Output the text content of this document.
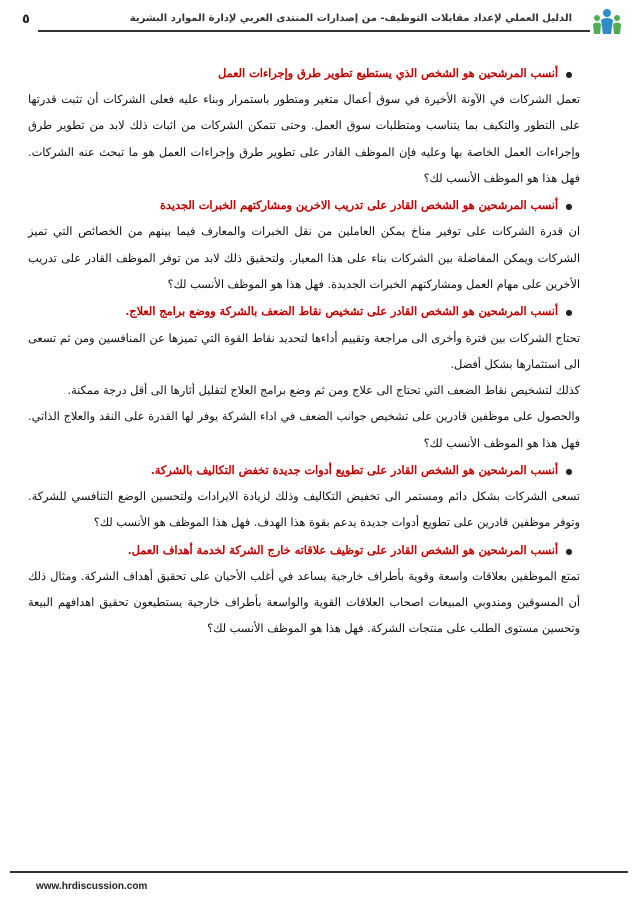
٥	الدليل العملي لإعداد مقابلات التوظيف- من إصدارات المنتدى العربي لإدارة الموارد البشرية

● أنسب المرشحين هو الشخص الذي يستطيع تطوير طرق وإجراءات العمل

تعمل الشركات في الآونة الأخيرة في سوق أعمال متغير ومتطور باستمرار وبناء عليه فعلى الشركات أن تثبت قدرتها على التطور والتكيف بما يتناسب ومتطلبات سوق العمل. وحتى تتمكن الشركات من اثبات ذلك لابد من تطوير طرق وإجراءات العمل الخاصة بها وعليه فإن الموظف القادر على تطوير طرق وإجراءات العمل هو ما تبحث عنه الشركات. فهل هذا هو الموظف الأنسب لك؟

● أنسب المرشحين هو الشخص القادر على تدريب الاخرين ومشاركتهم الخبرات الجديدة

ان قدرة الشركات على توفير مناخ يمكن العاملين من نقل الخبرات والمعارف فيما بينهم من الخصائص التي تميز الشركات ويمكن المفاضلة بين الشركات بناء على هذا المعيار. ولتحقيق ذلك لابد من توفر الموظف القادر على تدريب الأخرين على مهام العمل ومشاركتهم الخبرات الجديدة. فهل هذا هو الموظف الأنسب لك؟

● أنسب المرشحين هو الشخص القادر على تشخيص نقاط الضعف بالشركة ووضع برامج العلاج.

تحتاج الشركات بين فترة وأخرى الى مراجعة وتقييم أداءها لتحديد نقاط القوة التي تميزها عن المنافسين ومن ثم تسعى الى استثمارها بشكل أفضل.

كذلك لتشخيص نقاط الضعف التي تحتاج الى علاج ومن ثم وضع برامج العلاج لتقليل أثارها الى أقل درجة ممكنة.

والحصول على موظفين قادرين على تشخيص جوانب الضعف في اداء الشركة يوفر لها القدرة على النقد والعلاج الذاتي. فهل هذا هو الموظف الأنسب لك؟

● أنسب المرشحين هو الشخص القادر على تطويع أدوات جديدة تخفض التكاليف بالشركة.

تسعى الشركات بشكل دائم ومستمر الى تخفيض التكاليف وذلك لزيادة الايرادات ولتحسين الوضع التنافسي للشركة. وتوفر موظفين قادرين على تطويع أدوات جديدة يدعم بقوة هذا الهدف. فهل هذا الموظف هو الأنسب لك؟

● أنسب المرشحين هو الشخص القادر على توظيف علاقاته خارج الشركة لخدمة أهداف العمل.

تمتع الموظفين بعلاقات واسعة وقوية بأطراف خارجية يساعد في أغلب الأحيان على تحقيق أهداف الشركة. ومثال ذلك أن المسوقين ومندوبي المبيعات اصحاب العلاقات القوية والواسعة بأطراف خارجية يستطيعون تحقيق اهدافهم البيعة وتحسين مستوى الطلب على منتجات الشركة. فهل هذا هو الموظف الأنسب لك؟

www.hrdiscussion.com
